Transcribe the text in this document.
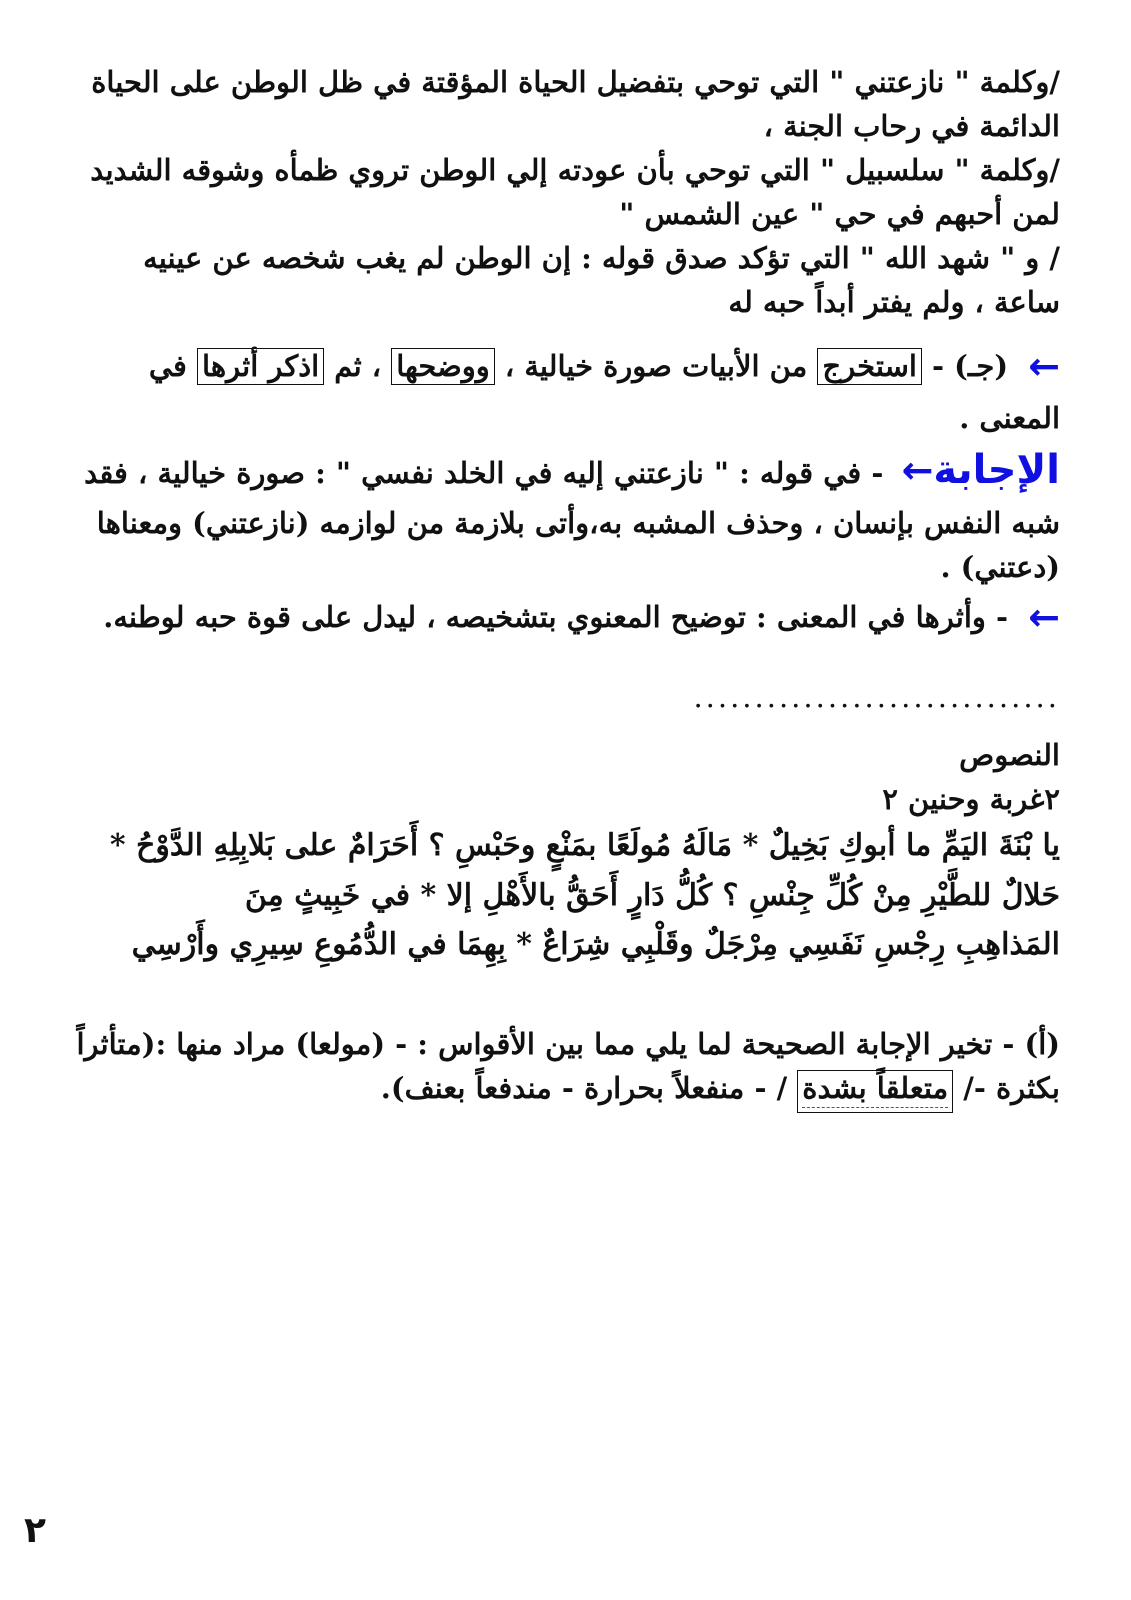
/وكلمة " نازعتني " التي توحي بتفضيل الحياة المؤقتة في ظل الوطن على الحياة
الدائمة في رحاب الجنة ،
/وكلمة " سلسبيل " التي توحي بأن عودته إلي الوطن تروي ظمأه وشوقه الشديد
لمن أحبهم في حي " عين الشمس "
/ و " شهد الله " التي تؤكد صدق قوله : إن الوطن لم يغب شخصه عن عينيه
ساعة ، ولم يفتر أبداً حبه له
← (جـ) - استخرج من الأبيات صورة خيالية ، ووضحها ، ثم اذكر أثرها في
المعنى .
الإجابة← - في قوله : " نازعتني إليه في الخلد نفسي " : صورة خيالية ، فقد
شبه النفس بإنسان ، وحذف المشبه به،وأتى بلازمة من لوازمه (نازعتني) ومعناها
(دعتني) .
← - وأثرها في المعنى : توضيح المعنوي بتشخيصه ، ليدل على قوة حبه لوطنه.
..............................
النصوص
٢غربة وحنين ٢
يا بْنَةَ اليَمِّ ما أبوكِ بَخِيلٌ * مَالَهُ مُولَعًا بمَنْعٍ وحَبْسِ ؟ أَحَرَامٌ على بَلابِلِهِ الدَّوْحُ *
حَلالٌ للطَّيْرِ مِنْ كُلِّ جِنْسِ ؟ كُلُّ دَارٍ أَحَقُّ بالأَهْلِ إلا * في خَبِيثٍ مِنَ
المَذاهِبِ رِجْسِ نَفَسِي مِرْجَلٌ وقَلْبِي شِرَاعٌ * بِهِمَا في الدُّمُوعِ سِيرِي وأَرْسِي
(أ) - تخير الإجابة الصحيحة لما يلي مما بين الأقواس : - (مولعا) مراد منها :(متأثراً
بكثرة -/ متعلقاً بشدة / - منفعلاً بحرارة - مندفعاً بعنف).
٢
